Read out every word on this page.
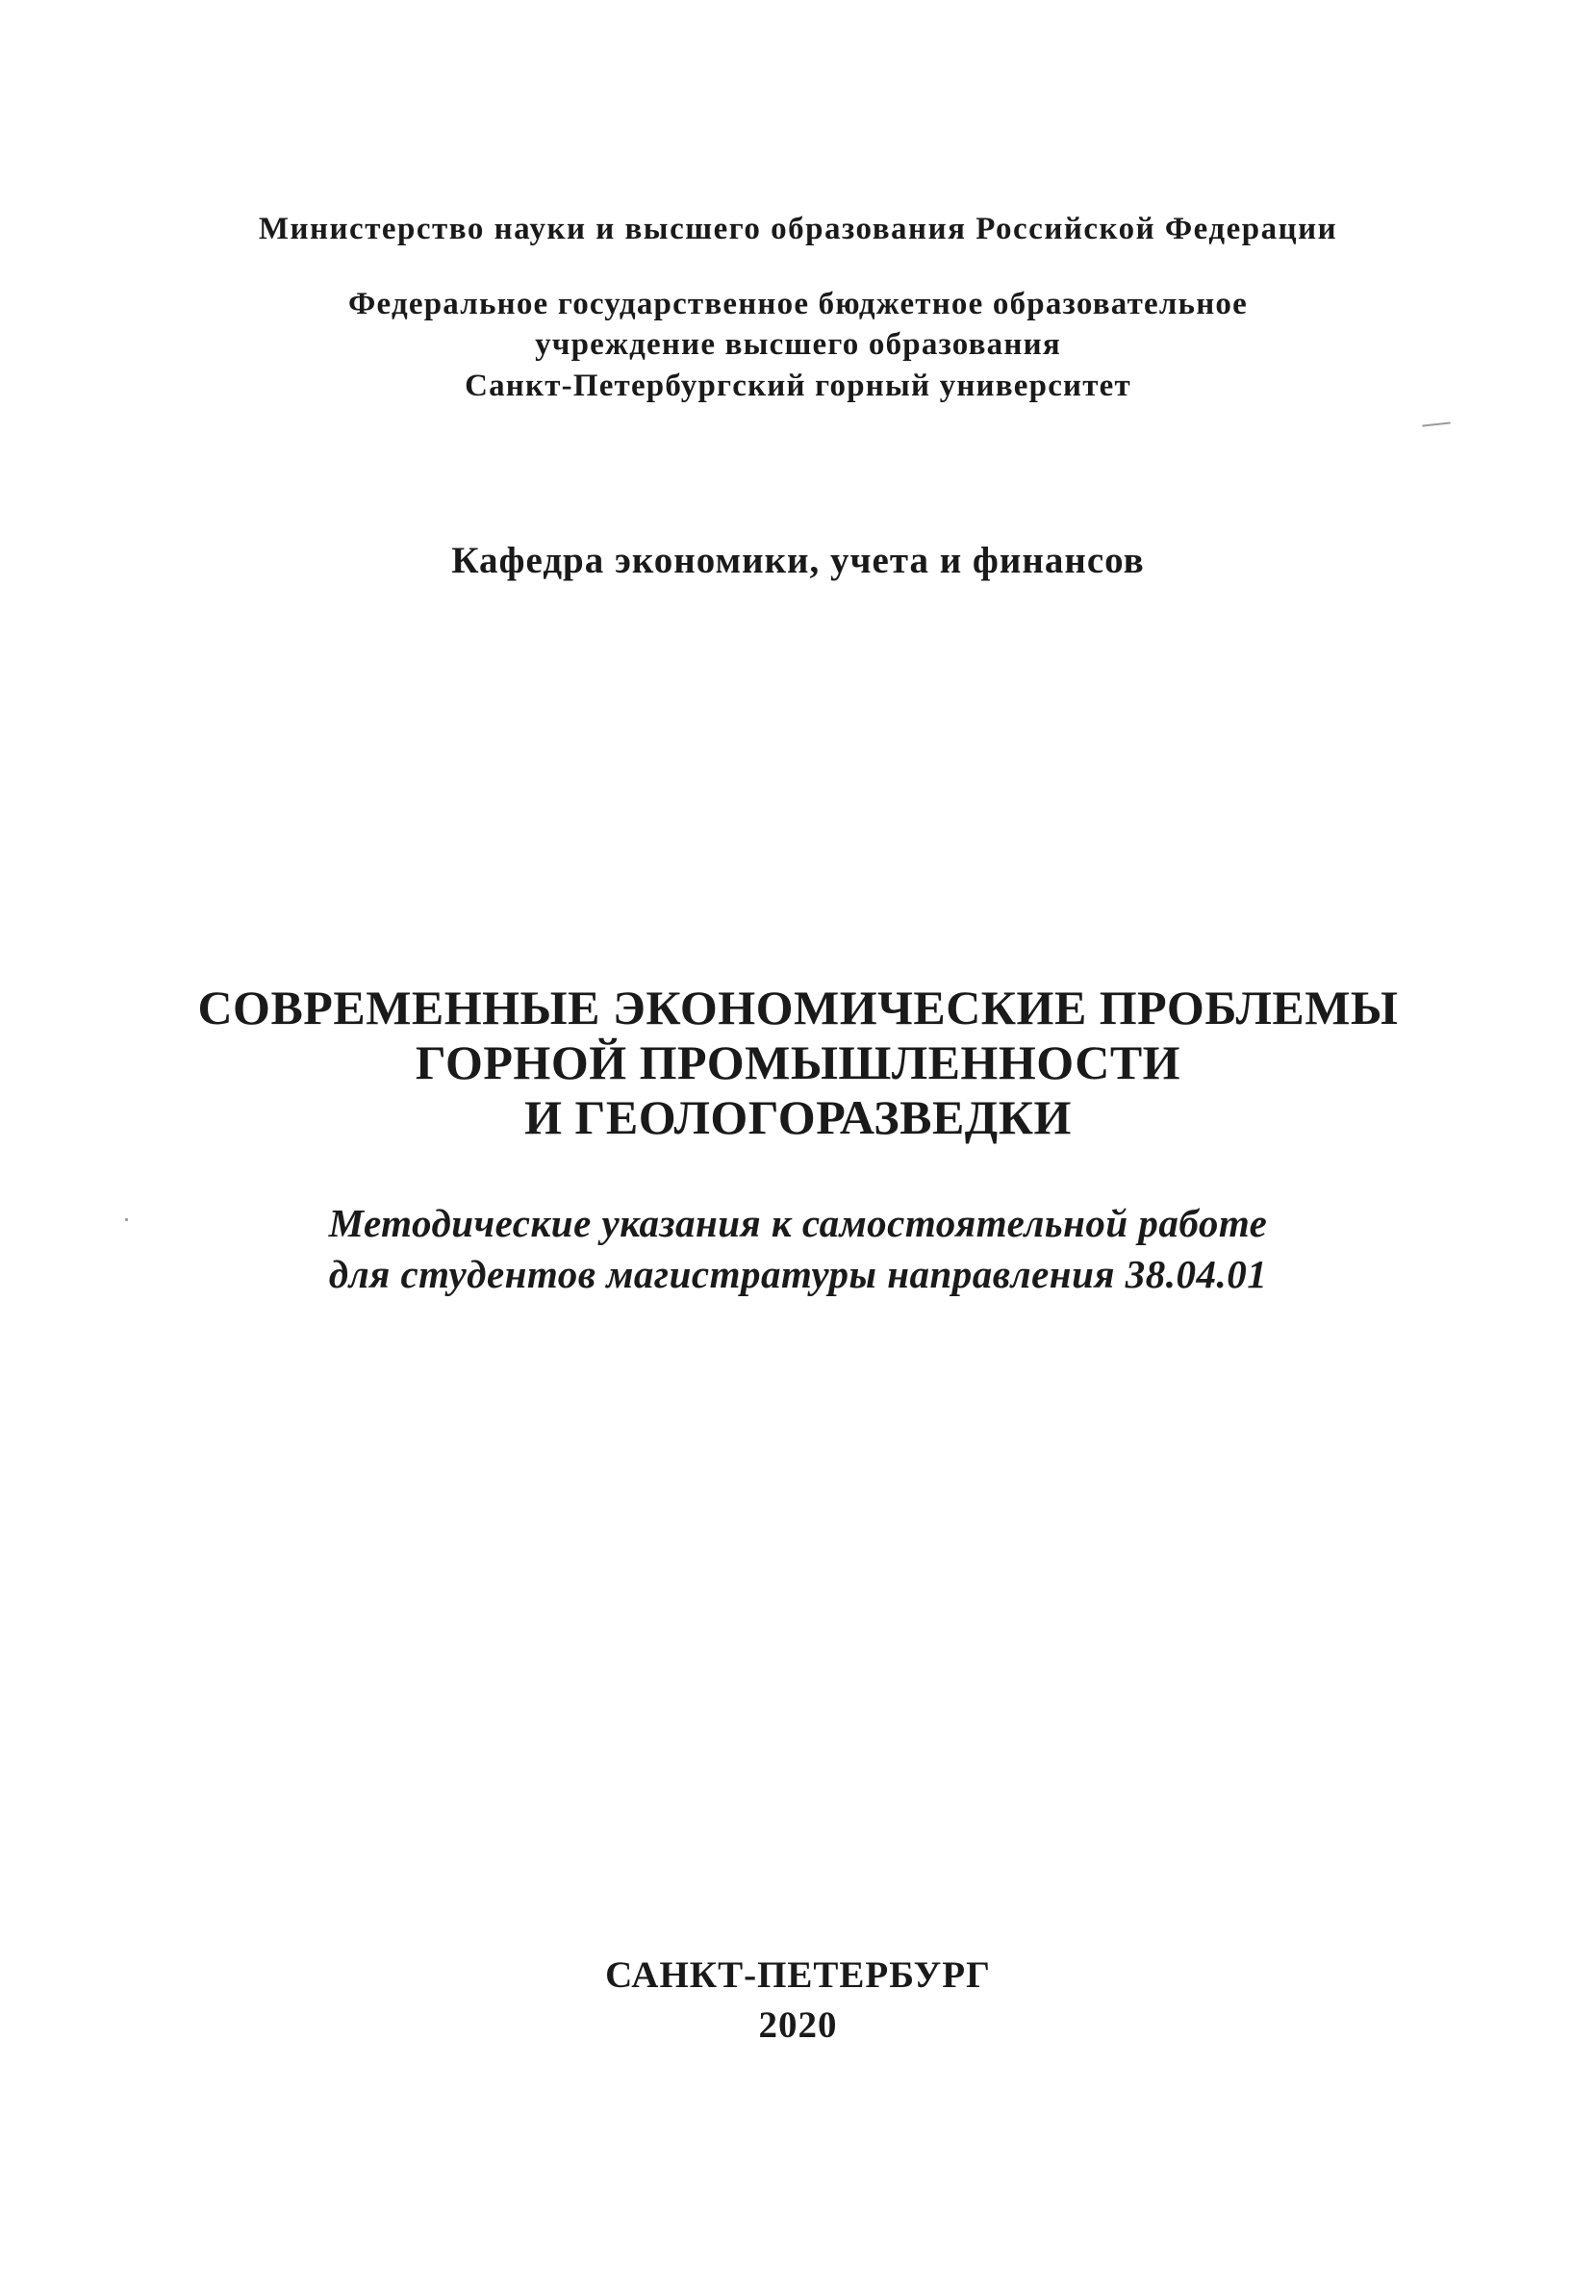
Министерство науки и высшего образования Российской Федерации

Федеральное государственное бюджетное образовательное

учреждение высшего образования

Санкт-Петербургский горный университет

Кафедра экономики, учета и финансов

СОВРЕМЕННЫЕ ЭКОНОМИЧЕСКИЕ ПРОБЛЕМЫ

ГОРНОЙ ПРОМЫШЛЕННОСТИ

И ГЕОЛОГОРАЗВЕДКИ

Методические указания к самостоятельной работе

для студентов магистратуры направления 38.04.01

САНКТ-ПЕТЕРБУРГ

2020
